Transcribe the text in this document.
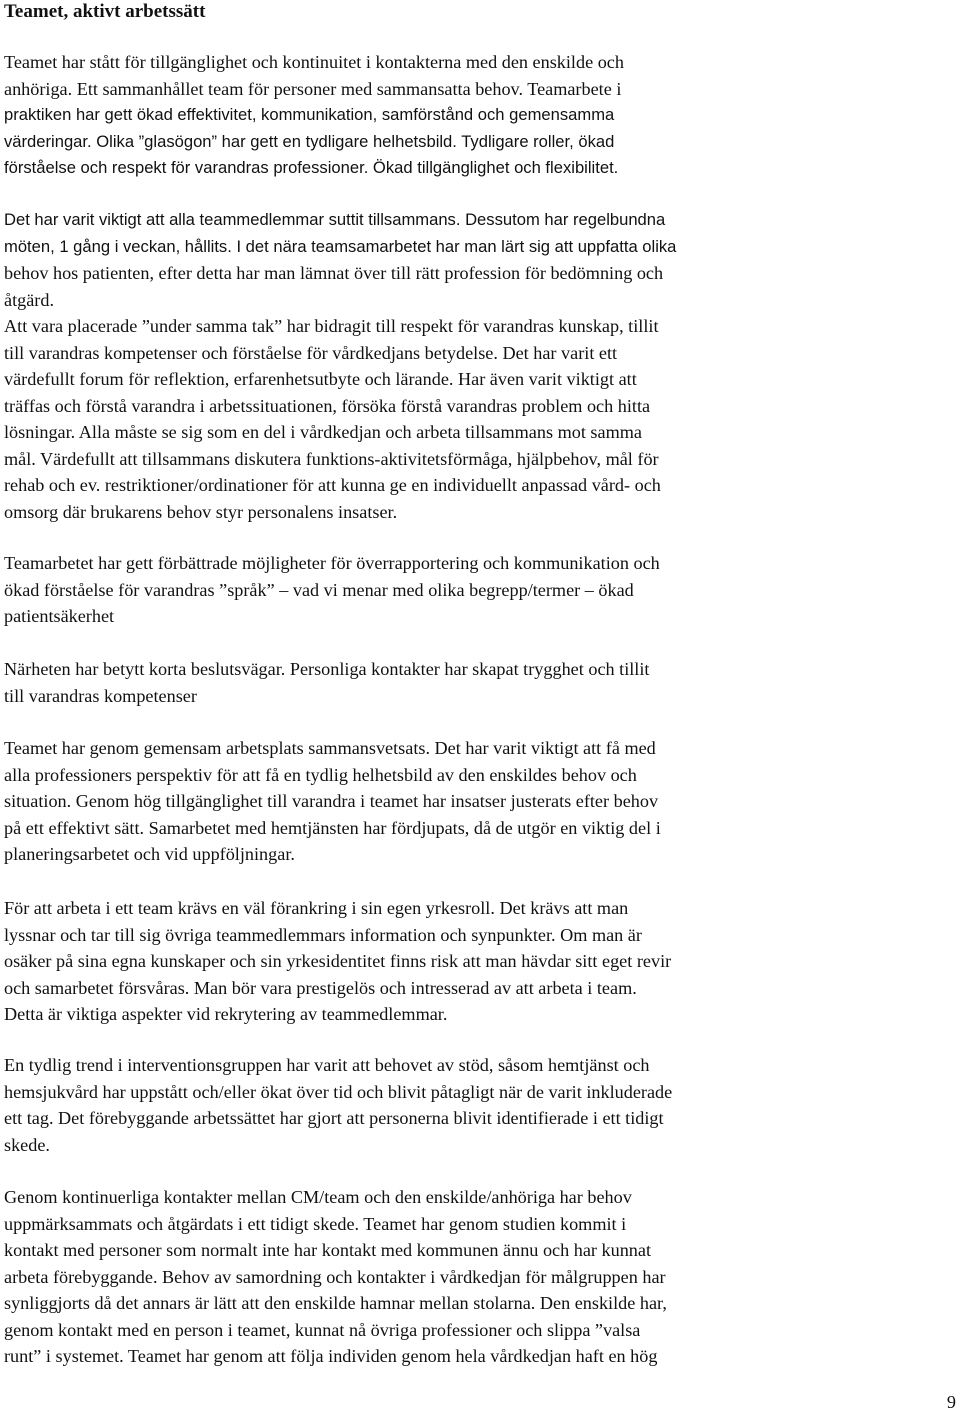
Teamet, aktivt arbetssätt
Teamet har stått för tillgänglighet och kontinuitet i kontakterna med den enskilde och
anhöriga. Ett sammanhållet team för personer med sammansatta behov. Teamarbete i
praktiken har gett ökad effektivitet, kommunikation, samförstånd och gemensamma
värderingar. Olika ”glasögon” har gett en tydligare helhetsbild. Tydligare roller, ökad
förståelse och respekt för varandras professioner. Ökad tillgänglighet och flexibilitet.
Det har varit viktigt att alla teammedlemmar suttit tillsammans. Dessutom har regelbundna
möten, 1 gång i veckan, hållits. I det nära teamsamarbetet har man lärt sig att uppfatta olika
behov hos patienten, efter detta har man lämnat över till rätt profession för bedömning och
åtgärd.
Att vara placerade ”under samma tak” har bidragit till respekt för varandras kunskap, tillit
till varandras kompetenser och förståelse för vårdkedjans betydelse. Det har varit ett
värdefullt forum för reflektion, erfarenhetsutbyte och lärande. Har även varit viktigt att
träffas och förstå varandra i arbetssituationen, försöka förstå varandras problem och hitta
lösningar. Alla måste se sig som en del i vårdkedjan och arbeta tillsammans mot samma
mål. Värdefullt att tillsammans diskutera funktions-aktivitetsförmåga, hjälpbehov, mål för
rehab och ev. restriktioner/ordinationer för att kunna ge en individuellt anpassad vård- och
omsorg där brukarens behov styr personalens insatser.
Teamarbetet har gett förbättrade möjligheter för överrapportering och kommunikation och
ökad förståelse för varandras ”språk” – vad vi menar med olika begrepp/termer – ökad
patientsäkerhet
Närheten har betytt korta beslutsvägar. Personliga kontakter har skapat trygghet och tillit
till varandras kompetenser
Teamet har genom gemensam arbetsplats sammansvetsats. Det har varit viktigt att få med
alla professioners perspektiv för att få en tydlig helhetsbild av den enskildes behov och
situation. Genom hög tillgänglighet till varandra i teamet har insatser justerats efter behov
på ett effektivt sätt. Samarbetet med hemtjänsten har fördjupats, då de utgör en viktig del i
planeringsarbetet och vid uppföljningar.
För att arbeta i ett team krävs en väl förankring i sin egen yrkesroll. Det krävs att man
lyssnar och tar till sig övriga teammedlemmars information och synpunkter. Om man är
osäker på sina egna kunskaper och sin yrkesidentitet finns risk att man hävdar sitt eget revir
och samarbetet försvåras. Man bör vara prestigelös och intresserad av att arbeta i team.
Detta är viktiga aspekter vid rekrytering av teammedlemmar.
En tydlig trend i interventionsgruppen har varit att behovet av stöd, såsom hemtjänst och
hemsjukvård har uppstått och/eller ökat över tid och blivit påtagligt när de varit inkluderade
ett tag. Det förebyggande arbetssättet har gjort att personerna blivit identifierade i ett tidigt
skede.
Genom kontinuerliga kontakter mellan CM/team och den enskilde/anhöriga har behov
uppmärksammats och åtgärdats i ett tidigt skede. Teamet har genom studien kommit i
kontakt med personer som normalt inte har kontakt med kommunen ännu och har kunnat
arbeta förebyggande. Behov av samordning och kontakter i vårdkedjan för målgruppen har
synliggjorts då det annars är lätt att den enskilde hamnar mellan stolarna. Den enskilde har,
genom kontakt med en person i teamet, kunnat nå övriga professioner och slippa ”valsa
runt” i systemet. Teamet har genom att följa individen genom hela vårdkedjan haft en hög
9
